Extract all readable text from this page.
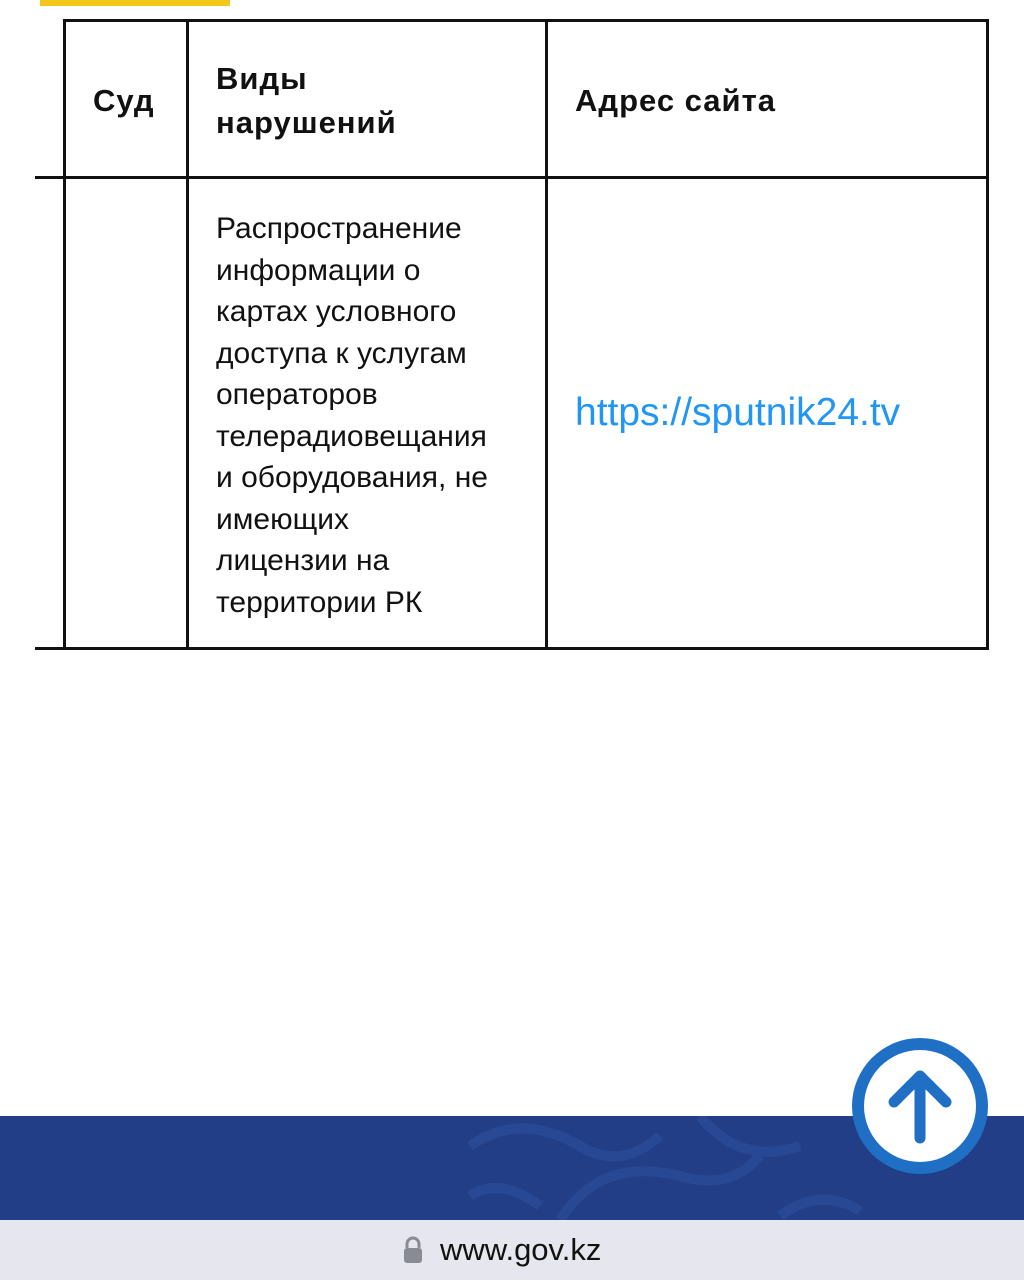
Суд
Виды
нарушений
Адрес сайта
Распространение
информации о
картах условного
доступа к услугам
операторов
телерадиовещания
и оборудования, не
имеющих
лицензии на
территории РК
https://sputnik24.tv
www.gov.kz
